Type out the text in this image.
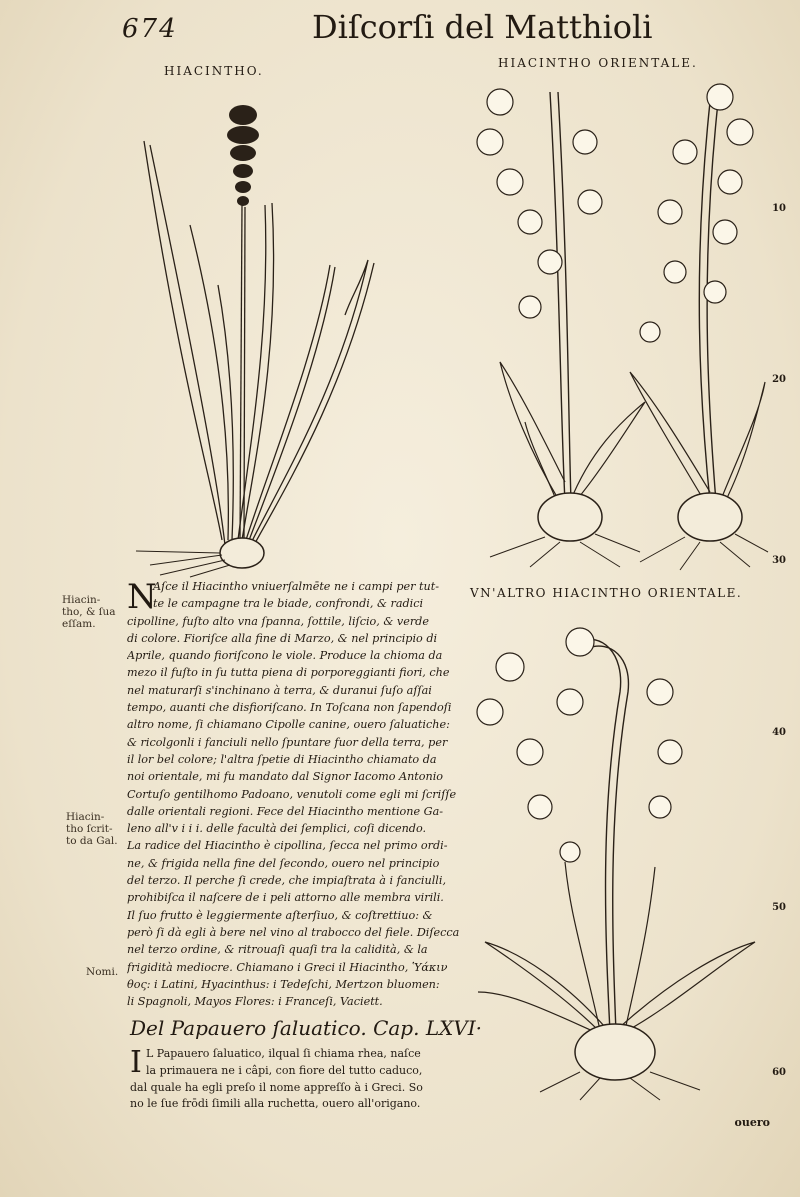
674	Diſcorſi del Matthioli
HIACINTHO.
HIACINTHO ORIENTALE.
VN'ALTRO HIACINTHO ORIENTALE.
Hiacin-
tho, & ſua
eſſam.
Hiacin-
tho ſcrit-
to da Gal.
Nomi.
10
20
30
40
50
60
N
Aſce il Hiacintho vniuerſalmēte ne i campi per tut-
te le campagne tra le biade, confrondi, & radici
cipolline, fuſto alto vna ſpanna, ſottile, liſcio, & verde
di colore. Fioriſce alla fine di Marzo, & nel principio di
Aprile, quando fioriſcono le viole. Produce la chioma da
mezo il fuſto in ſu tutta piena di porporeggianti fiori, che
nel maturarſi s'inchinano à terra, & duranui ſuſo aſſai
tempo, auanti che disfioriſcano. In Toſcana non ſapendoſi
altro nome, ſi chiamano Cipolle canine, ouero ſaluatiche:
& ricolgonli i fanciuli nello ſpuntare fuor della terra, per
il lor bel colore; l'altra ſpetie di Hiacintho chiamato da
noi orientale, mi fu mandato dal Signor Iacomo Antonio
Cortuſo gentilhomo Padoano, venutoli come egli mi ſcriſſe
dalle orientali regioni. Fece del Hiacintho mentione Ga-
leno all'v i i i. delle facultà dei ſemplici, coſi dicendo.
La radice del Hiacintho è cipollina, ſecca nel primo ordi-
ne, & frigida nella fine del ſecondo, ouero nel principio
del terzo. Il perche ſi crede, che impiaſtrata à i fanciulli,
prohibiſca il naſcere de i peli attorno alle membra virili.
Il ſuo frutto è leggiermente aſterſiuo, & coſtrettiuo: &
però ſi dà egli à bere nel vino al trabocco del fiele. Diſecca
nel terzo ordine, & ritrouaſi quaſi tra la calidità, & la
frigidità mediocre. Chiamano i Greci il Hiacintho, Ὑάκιν
θος: i Latini, Hyacinthus: i Tedeſchi, Mertzon bluomen:
li Spagnoli, Mayos Flores: i Franceſi, Vaciett.
Del Papauero ſaluatico. Cap. LXVI·
I L Papauero ſaluatico, ilqual ſi chiama rhea, naſce
la primauera ne i câpi, con fiore del tutto caduco,
dal quale ha egli preſo il nome appreſſo à i Greci. So
no le ſue frōdi ſimili alla ruchetta, ouero all'origano.
ouero
